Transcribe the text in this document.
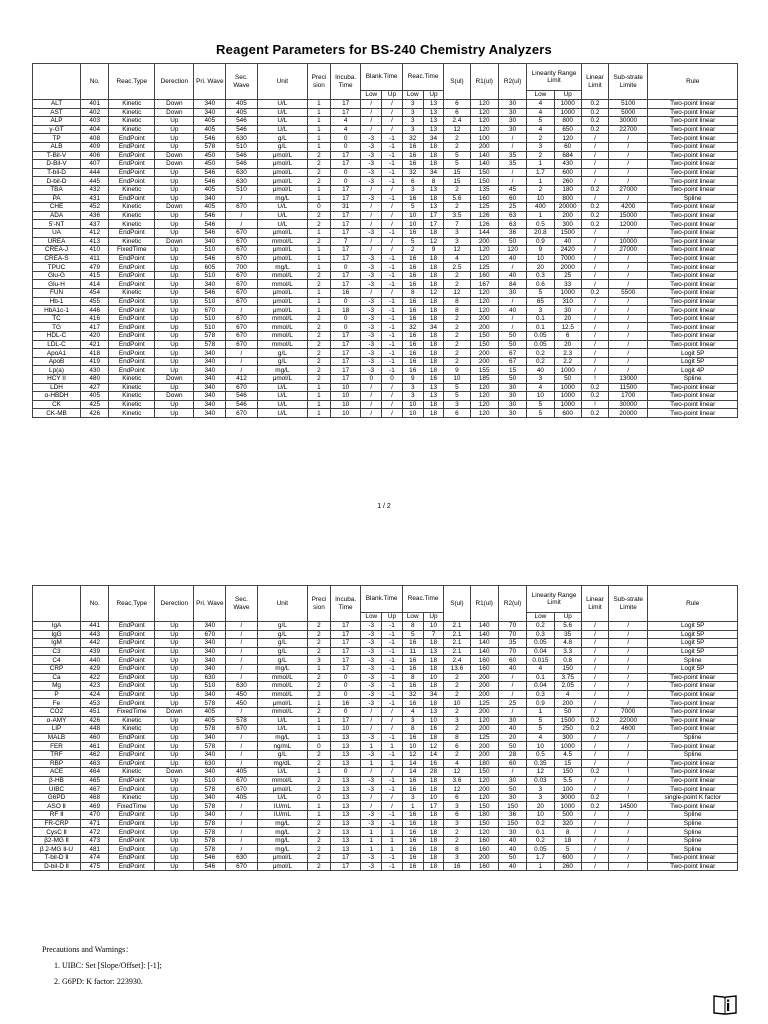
Reagent Parameters for BS-240 Chemistry Analyzers
	No.	Reac.Type	Derection	Pri. Wave	Sec. Wave	Unit	Preci sion	Incuba. Time	Blank.Time		Reac.Time		S(ul)	R1(ul)	R2(ul)	Linearity Range Limit		Linear Limit	Sub-strate Limite	Rule
									Low	Up	Low	Up				Low	Up			
ALT	401	Kinetic	Down	340	405	U/L	1	17	/	/	3	13	6	120	30	4	1000	0.2	5100	Two-point linear
AST	402	Kinetic	Down	340	405	U/L	1	17	/	/	3	13	6	120	30	4	1000	0.2	5000	Two-point linear
ALP	403	Kinetic	Up	405	546	U/L	1	4	/	/	3	13	2.4	120	30	5	800	0.2	30000	Two-point linear
γ-GT	404	Kinetic	Up	405	546	U/L	1	4	/	/	3	13	12	120	30	4	650	0.2	22700	Two-point linear
TP	408	EndPoint	Up	546	630	g/L	1	0	-3	-1	32	34	2	100	/	2	120	/	/	Two-point linear
ALB	409	EndPoint	Up	578	510	g/L	1	0	-3	-1	16	18	2	200	/	3	60	/	/	Two-point linear
T-Bil-V	406	EndPoint	Down	450	546	μmol/L	2	17	-3	-1	16	18	5	140	35	2	684	/	/	Two-point linear
D-Bil-V	407	EndPoint	Down	450	546	μmol/L	2	17	-3	-1	16	18	5	140	35	1	430	/	/	Two-point linear
T-bil-D	444	EndPoint	Up	546	630	μmol/L	2	0	-3	-1	32	34	15	150	/	1.7	600	/	/	Two-point linear
D-bil-D	445	EndPoint	Up	546	630	μmol/L	2	0	-3	-1	6	8	15	150	/	1	260	/	/	Two-point linear
TBA	432	Kinetic	Up	405	510	μmol/L	1	17	/	/	3	13	2	135	45	2	180	0.2	27000	Two-point linear
PA	431	EndPoint	Up	340	/	mg/L	1	17	-3	-1	16	18	5.6	160	60	10	800	/	/	Spline
CHE	452	Kinetic	Down	405	670	U/L	0	31	/	/	5	13	2	125	25	400	20000	0.2	4200	Two-point linear
ADA	436	Kinetic	Up	546	/	U/L	2	17	/	/	10	17	3.5	126	63	1	200	0.2	15000	Two-point linear
5'-NT	437	Kinetic	Up	546	/	U/L	2	17	/	/	10	17	7	126	63	0.5	300	0.2	12000	Two-point linear
UA	412	EndPoint	Up	546	670	μmol/L	1	17	-3	-1	16	18	3	144	36	20.8	1500	/	/	Two-point linear
UREA	413	Kinetic	Down	340	670	mmol/L	2	7	/	/	5	12	3	200	50	0.9	40	/	10000	Two-point linear
CREA-J	410	FixedTime	Up	510	670	μmol/L	1	17	/	/	2	9	12	120	120	9	2420	/	27000	Two-point linear
CREA-S	411	EndPoint	Up	546	670	μmol/L	1	17	-3	-1	16	18	4	120	40	10	7000	/	/	Two-point linear
TPUC	479	EndPoint	Up	605	700	mg/L	1	0	-3	-1	16	18	2.5	125	/	20	2000	/	/	Two-point linear
Glu-G	415	EndPoint	Up	510	670	mmol/L	2	17	-3	-1	16	18	2	160	40	0.3	25	/	/	Two-point linear
Glu-H	414	EndPoint	Up	340	670	mmol/L	2	17	-3	-1	16	18	2	167	84	0.6	33	/	/	Two-point linear
FUN	454	Kinetic	Up	546	670	μmol/L	1	16	/	/	8	12	12	120	30	5	1000	0.2	5500	Two-point linear
Hb-1	455	EndPoint	Up	510	670	μmol/L	1	0	-3	-1	16	18	8	120	/	65	310	/	/	Two-point linear
HbA1c-1	446	EndPoint	Up	670	/	μmol/L	1	18	-3	-1	16	18	8	120	40	3	30	/	/	Two-point linear
TC	416	EndPoint	Up	510	670	mmol/L	2	0	-3	-1	16	18	2	200	/	0.1	20	/	/	Two-point linear
TG	417	EndPoint	Up	510	670	mmol/L	2	0	-3	-1	32	34	2	200	/	0.1	12.5	/	/	Two-point linear
HDL-C	420	EndPoint	Up	578	670	mmol/L	2	17	-3	-1	16	18	2	150	50	0.05	6	/	/	Two-point linear
LDL-C	421	EndPoint	Up	578	670	mmol/L	2	17	-3	-1	16	18	2	150	50	0.05	20	/	/	Two-point linear
ApoA1	418	EndPoint	Up	340	/	g/L	2	17	-3	-1	16	18	2	200	67	0.2	2.3	/	/	Logit 5P
ApoB	419	EndPoint	Up	340	/	g/L	2	17	-3	-1	16	18	2	200	67	0.2	2.2	/	/	Logit 5P
Lp(a)	430	EndPoint	Up	340	/	mg/L	2	17	-3	-1	16	18	9	155	15	40	1000	/	/	Logit 4P
HCY II	480	Kinetic	Down	340	412	μmol/L	2	17	0	0	9	16	10	185	50	3	50	!	13000	Spline
LDH	427	Kinetic	Up	340	670	U/L	1	10	/	/	3	13	5	120	30	4	1000	0.2	11500	Two-point linear
α-HBDH	405	Kinetic	Down	340	546	U/L	1	10	/	/	3	13	5	120	30	10	1000	0.2	1700	Two-point linear
CK	425	Kinetic	Up	340	546	U/L	1	10	/	/	10	18	3	120	30	5	1000	!	30000	Two-point linear
CK-MB	426	Kinetic	Up	340	670	U/L	1	10	/	/	10	18	6	120	30	5	600	0.2	20000	Two-point linear
1 / 2
	No.	Reac.Type	Derection	Pri. Wave	Sec. Wave	Unit	Preci sion	Incuba. Time	Blank.Time		Reac.Time		S(ul)	R1(ul)	R2(ul)	Linearity Range Limit		Linear Limit	Sub-strate Limite	Rule
									Low	Up	Low	Up				Low	Up			
IgA	441	EndPoint	Up	340	/	g/L	2	17	-3	-1	8	10	2.1	140	70	0.2	5.6	/	/	Logit 5P
IgG	443	EndPoint	Up	670	/	g/L	2	17	-3	-1	5	7	2.1	140	70	0.3	35	/	/	Logit 5P
IgM	442	EndPoint	Up	340	/	g/L	2	17	-3	-1	16	18	2.1	140	35	0.05	4.8	/	/	Logit 5P
C3	439	EndPoint	Up	340	/	g/L	2	17	-3	-1	11	13	2.1	140	70	0.04	3.3	/	/	Logit 5P
C4	440	EndPoint	Up	340	/	g/L	3	17	-3	-1	16	18	2.4	160	60	0.015	0.8	/	/	Spline
CRP	429	EndPoint	Up	340	/	mg/L	1	17	-3	-1	16	18	13.6	160	40	4	150	/	/	Logit 5P
Ca	422	EndPoint	Up	630	/	mmol/L	2	0	-3	-1	8	10	2	200	/	0.1	3.75	/	/	Two-point linear
Mg	423	EndPoint	Up	510	630	mmol/L	2	0	-3	-1	16	18	2	200	/	0.04	2.05	/	/	Two-point linear
P	424	EndPoint	Up	340	450	mmol/L	2	0	-3	-1	32	34	2	200	/	0.3	4	/	/	Two-point linear
Fe	453	EndPoint	Up	578	450	μmol/L	1	16	-3	-1	16	18	10	125	25	0.9	200	/	/	Two-point linear
CO2	451	FixedTime	Down	405	/	mmol/L	2	0	/	/	4	13	2	200	/	1	50	/	7000	Two-point linear
α-AMY	426	Kinetic	Up	405	578	U/L	1	17	/	/	3	10	3	120	30	5	1500	0.2	22000	Two-point linear
LIP	448	Kinetic	Up	578	670	U/L	1	10	/	/	8	16	2	200	40	5	250	0.2	4600	Two-point linear
MALB	460	EndPoint	Up	340	/	mg/L	1	13	-3	-1	16	18	8	125	20	4	300	/	/	Spline
FER	461	EndPoint	Up	578	/	ng/mL	0	13	1	1	10	12	6	200	50	10	1000	/	/	Two-point linear
TRF	462	EndPoint	Up	340	/	g/L	2	13	-3	-1	12	14	2	200	28	0.5	4.5	/	/	Spline
RBP	463	EndPoint	Up	630	/	mg/dL	2	13	1	1	14	16	4	180	60	0.35	15	/	/	Two-point linear
ACE	464	Kinetic	Down	340	405	U/L	1	0	/	/	14	28	12	150	/	12	150	0.2	!	Two-point linear
β-HB	465	EndPoint	Up	510	670	mmol/L	2	13	-3	-1	16	18	3.6	120	30	0.03	5.5	/	/	Two-point linear
UIBC	467	EndPoint	Up	578	670	μmol/L	2	13	-3	-1	16	18	12	200	50	3	100	/	/	Two-point linear
G6PD	468	Kinetic	Up	340	405	U/L	0	13	/	/	3	10	6	120	30	3	3000	0.2	!	single-point K factor
ASO Ⅱ	469	FixedTime	Up	578	/	IU/mL	1	13	/	/	1	17	3	150	150	20	1000	0.2	14500	Two-point linear
RF Ⅱ	470	EndPoint	Up	340	/	IU/mL	1	13	-3	-1	16	18	6	180	36	10	500	/	/	Spline
FR-CRP	471	EndPoint	Up	578	/	mg/L	2	13	-3	-1	16	18	3	150	150	0.2	320	/	/	Spline
CysC Ⅱ	472	EndPoint	Up	578	/	mg/L	2	13	1	1	16	18	2	120	30	0.1	8	/	/	Spline
β2-MG Ⅱ	473	EndPoint	Up	578	/	mg/L	2	13	1	1	16	18	2	160	40	0.2	18	/	/	Spline
β 2-MG Ⅱ-U	481	EndPoint	Up	578	/	mg/L	2	13	1	1	16	18	8	160	40	0.05	5	/	/	Spline
T-bil-D Ⅱ	474	EndPoint	Up	546	630	μmol/L	2	17	-3	-1	16	18	3	200	50	1.7	600	/	/	Two-point linear
D-bil-D Ⅱ	475	EndPoint	Up	546	670	μmol/L	2	17	-3	-1	16	18	16	160	40	1	260	/	/	Two-point linear
Precautions and Warnings：
1. UIBC: Set [Slope/Offset]: [-1];
2. G6PD: K factor: 223930.
